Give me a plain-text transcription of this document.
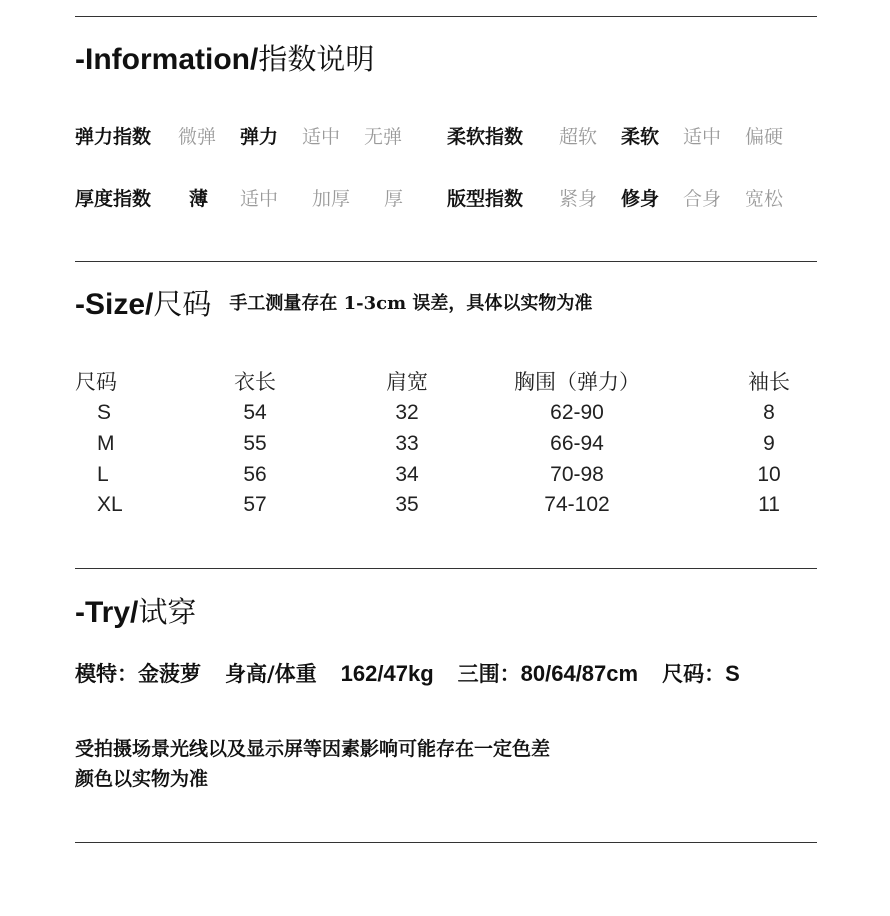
-Information/指数说明
弹力指数 微弹 弹力 适中 无弹 柔软指数 超软 柔软 适中 偏硬
厚度指数 薄 适中 加厚 厚 版型指数 紧身 修身 合身 宽松
-Size/尺码 手工测量存在 1-3cm 误差，具体以实物为准
尺码	衣长	肩宽	胸围（弹力）	袖长
S	54	32	62-90	8
M	55	33	66-94	9
L	56	34	70-98	10
XL	57	35	74-102	11
-Try/试穿
模特：金菠萝 身高/体重 162/47kg 三围：80/64/87cm 尺码：S
受拍摄场景光线以及显示屏等因素影响可能存在一定色差
颜色以实物为准
